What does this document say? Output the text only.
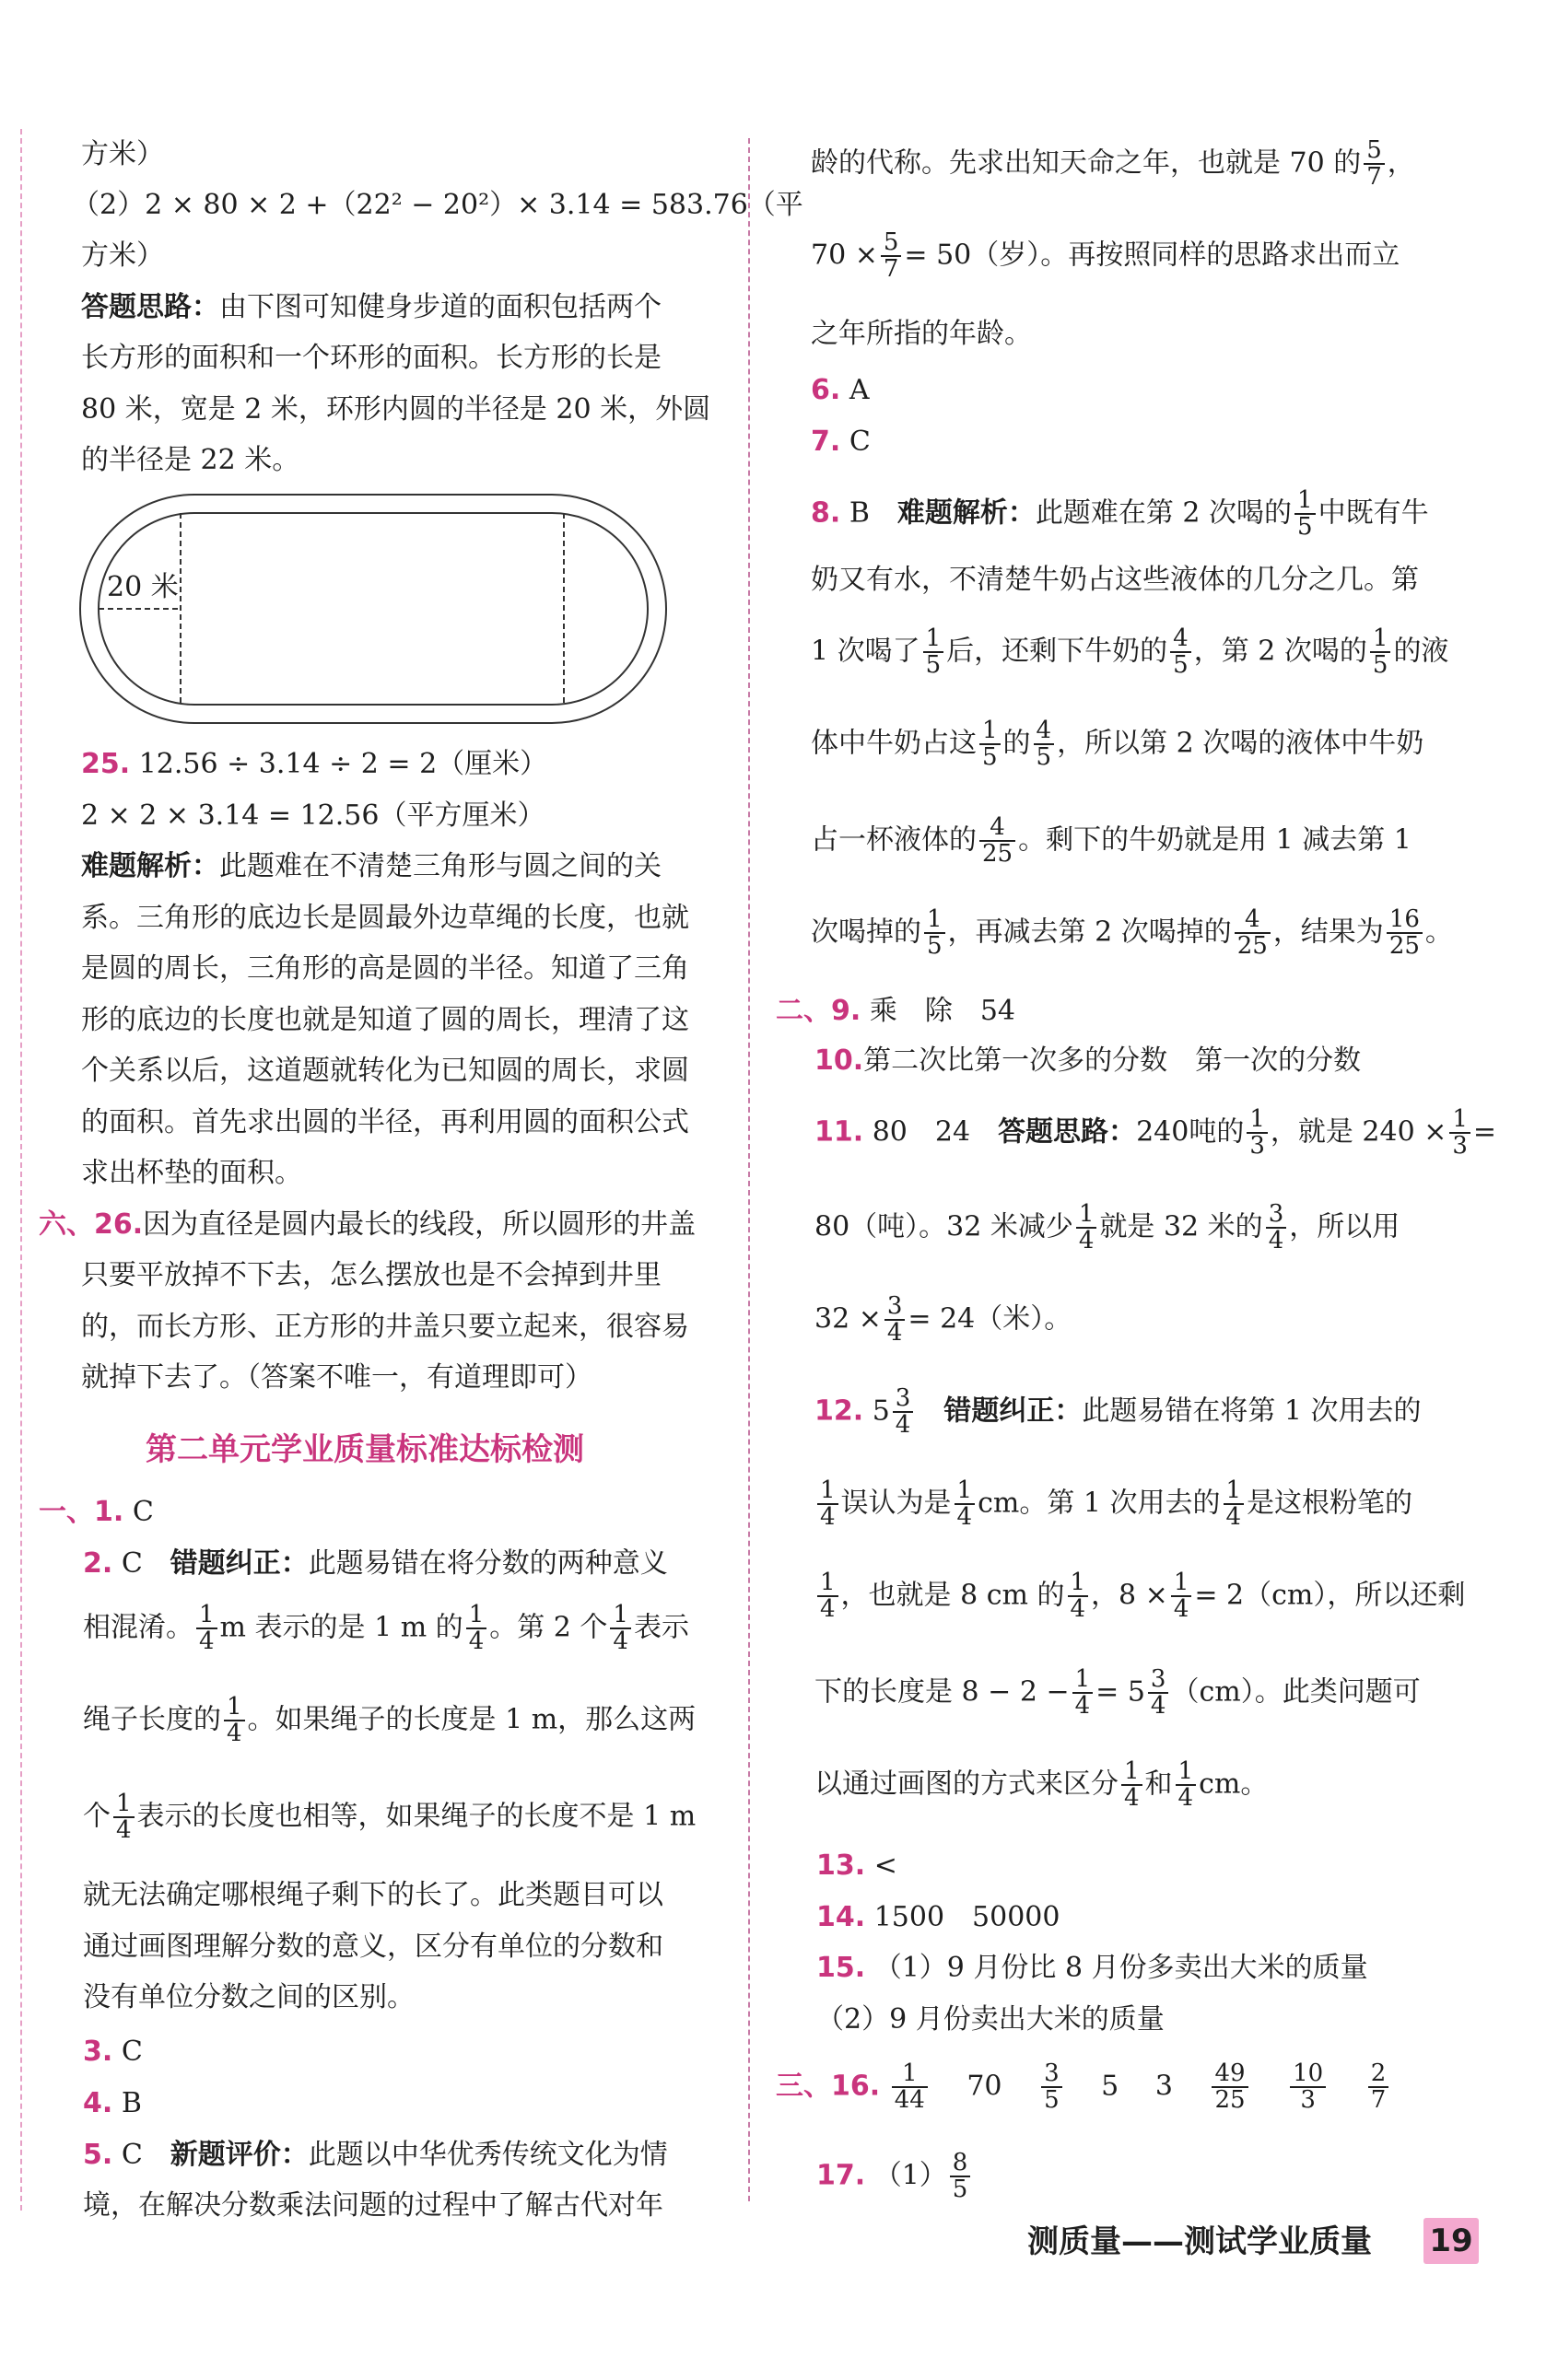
方米）
（2）2 × 80 × 2 +（22² − 20²）× 3.14 = 583.76（平
方米）
答题思路：由下图可知健身步道的面积包括两个
长方形的面积和一个环形的面积。长方形的长是
80 米，宽是 2 米，环形内圆的半径是 20 米，外圆
的半径是 22 米。
20 米
25. 12.56 ÷ 3.14 ÷ 2 = 2（厘米）
2 × 2 × 3.14 = 12.56（平方厘米）
难题解析：此题难在不清楚三角形与圆之间的关
系。三角形的底边长是圆最外边草绳的长度，也就
是圆的周长，三角形的高是圆的半径。知道了三角
形的底边的长度也就是知道了圆的周长，理清了这
个关系以后，这道题就转化为已知圆的周长，求圆
的面积。首先求出圆的半径，再利用圆的面积公式
求出杯垫的面积。
六、26.因为直径是圆内最长的线段，所以圆形的井盖
只要平放掉不下去，怎么摆放也是不会掉到井里
的，而长方形、正方形的井盖只要立起来，很容易
就掉下去了。（答案不唯一，有道理即可）
第二单元学业质量标准达标检测
一、1. C
2. C　 错题纠正：此题易错在将分数的两种意义
相混淆。 $\frac{1}{4}$ m 表示的是 1 m 的 $\frac{1}{4}$ 。第 2 个 $\frac{1}{4}$ 表示
绳子长度的 $\frac{1}{4}$ 。如果绳子的长度是 1 m，那么这两
个 $\frac{1}{4}$ 表示的长度也相等，如果绳子的长度不是 1 m
就无法确定哪根绳子剩下的长了。此类题目可以
通过画图理解分数的意义，区分有单位的分数和
没有单位分数之间的区别。
3. C
4. B
5. C　 新题评价：此题以中华优秀传统文化为情
境，在解决分数乘法问题的过程中了解古代对年
龄的代称。先求出知天命之年，也就是 70 的 $\frac{5}{7}$ ，
$70 \times \frac{5}{7} = 50$（岁）。再按照同样的思路求出而立
之年所指的年龄。
6. A
7. C
8. B　 难题解析：此题难在第 2 次喝的 $\frac{1}{5}$ 中既有牛
奶又有水，不清楚牛奶占这些液体的几分之几。第
1 次喝了 $\frac{1}{5}$ 后，还剩下牛奶的 $\frac{4}{5}$ ，第 2 次喝的 $\frac{1}{5}$ 的液
体中牛奶占这 $\frac{1}{5}$ 的 $\frac{4}{5}$ ，所以第 2 次喝的液体中牛奶
占一杯液体的 $\frac{4}{25}$ 。剩下的牛奶就是用 1 减去第 1
次喝掉的 $\frac{1}{5}$ ，再减去第 2 次喝掉的 $\frac{4}{25}$ ，结果为 $\frac{16}{25}$ 。
二、9. 乘　除　54
10.第二次比第一次多的分数　第一次的分数
11. 80　24　 答题思路：240吨的 $\frac{1}{3}$ ，就是 $240 \times \frac{1}{3}$ =
80（吨）。32 米减少 $\frac{1}{4}$ 就是 32 米的 $\frac{3}{4}$ ，所以用
$32 \times \frac{3}{4} = 24$（米）。
12. $5 \frac{3}{4}$
　 错题纠正：此题易错在将第 1 次用去的
$\frac{1}{4}$ 误认为是 $\frac{1}{4}$ cm。第 1 次用去的 $\frac{1}{4}$ 是这根粉笔的
$\frac{1}{4}$ ，也就是 8 cm 的 $\frac{1}{4}$ ，$8 \times \frac{1}{4} = 2(cm)$，所以还剩
下的长度是 $8 - 2 - \frac{1}{4} = 5 \frac{3}{4} (cm)$。此类问题可
以通过画图的方式来区分 $\frac{1}{4}$ 和 $\frac{1}{4}$ cm。
13. <
14. 1500　50000
15. （1）9 月份比 8 月份多卖出大米的质量
（2）9 月份卖出大米的质量
三、16. $\frac{1}{44}$
　 70　 $\frac{3}{5}$
　 5 　 3　 $\frac{49}{25}$
　 $\frac{10}{3}$
　 $\frac{2}{7}$
17. $(1) \frac{8}{5}$
测质量——测试学业质量 19
